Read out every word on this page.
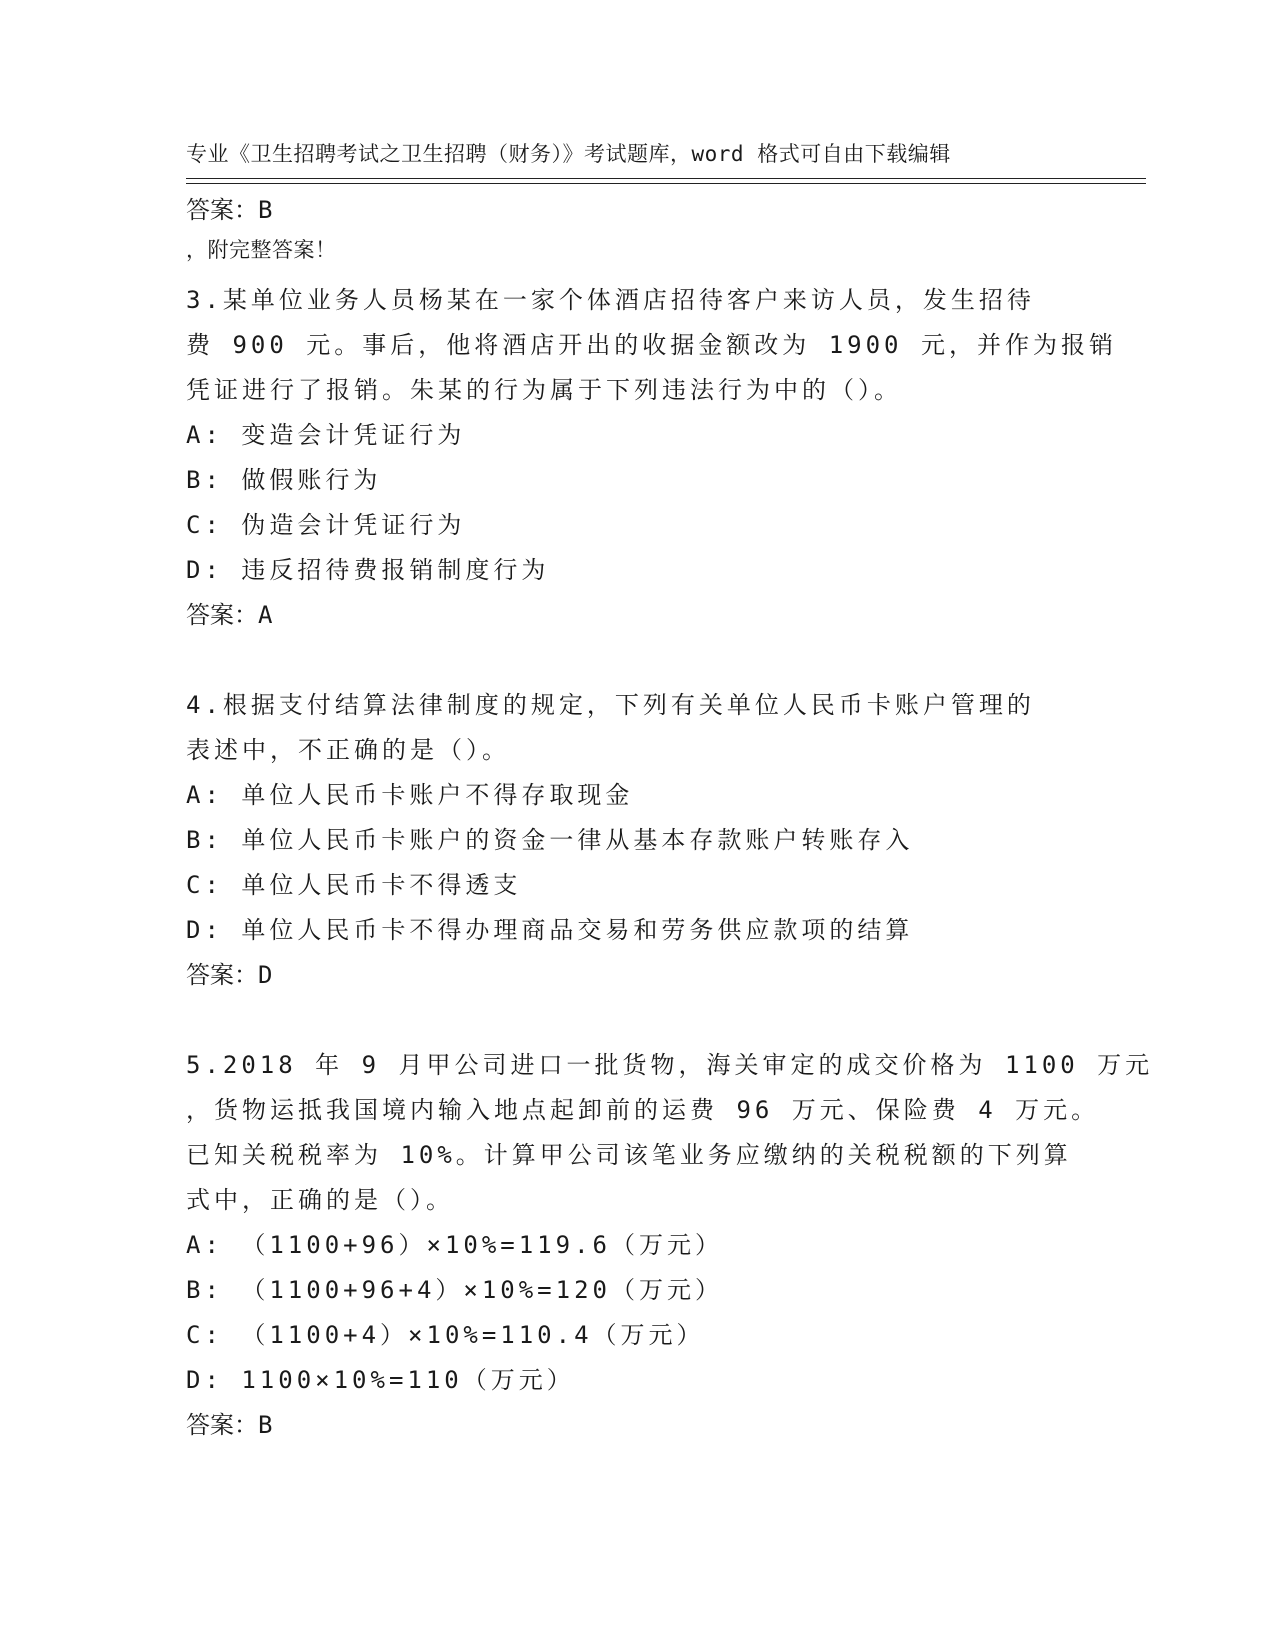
专业《卫生招聘考试之卫生招聘（财务）》考试题库，word 格式可自由下载编辑

，附完整答案！

答案：B
3.某单位业务人员杨某在一家个体酒店招待客户来访人员，发生招待
费 900 元。事后，他将酒店开出的收据金额改为 1900 元，并作为报销
凭证进行了报销。朱某的行为属于下列违法行为中的（）。
A: 变造会计凭证行为
B: 做假账行为
C: 伪造会计凭证行为
D: 违反招待费报销制度行为
答案：A
4.根据支付结算法律制度的规定，下列有关单位人民币卡账户管理的
表述中，不正确的是（）。
A: 单位人民币卡账户不得存取现金
B: 单位人民币卡账户的资金一律从基本存款账户转账存入
C: 单位人民币卡不得透支
D: 单位人民币卡不得办理商品交易和劳务供应款项的结算
答案：D
5.2018 年 9 月甲公司进口一批货物，海关审定的成交价格为 1100 万元
，货物运抵我国境内输入地点起卸前的运费 96 万元、保险费 4 万元。
已知关税税率为 10%。计算甲公司该笔业务应缴纳的关税税额的下列算
式中，正确的是（）。
A: （1100+96）×10%=119.6（万元）
B: （1100+96+4）×10%=120（万元）
C: （1100+4）×10%=110.4（万元）
D: 1100×10%=110（万元）
答案：B
